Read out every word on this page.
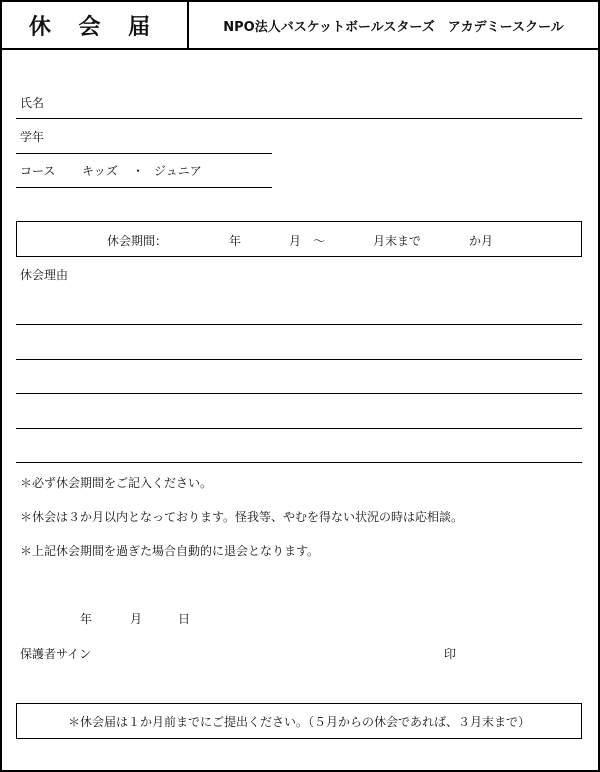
休 会 届	NPO法人バスケットボールスターズ　アカデミースクール
氏名
学年
コース キッズ ・ ジュニア
休会期間：	年	月 〜	月末まで	か月
休会理由
＊必ず休会期間をご記入ください。
＊休会は３か月以内となっております。怪我等、やむを得ない状況の時は応相談。
＊上記休会期間を過ぎた場合自動的に退会となります。
年	月	日
保護者サイン	印
＊休会届は１か月前までにご提出ください。（５月からの休会であれば、３月末まで）
